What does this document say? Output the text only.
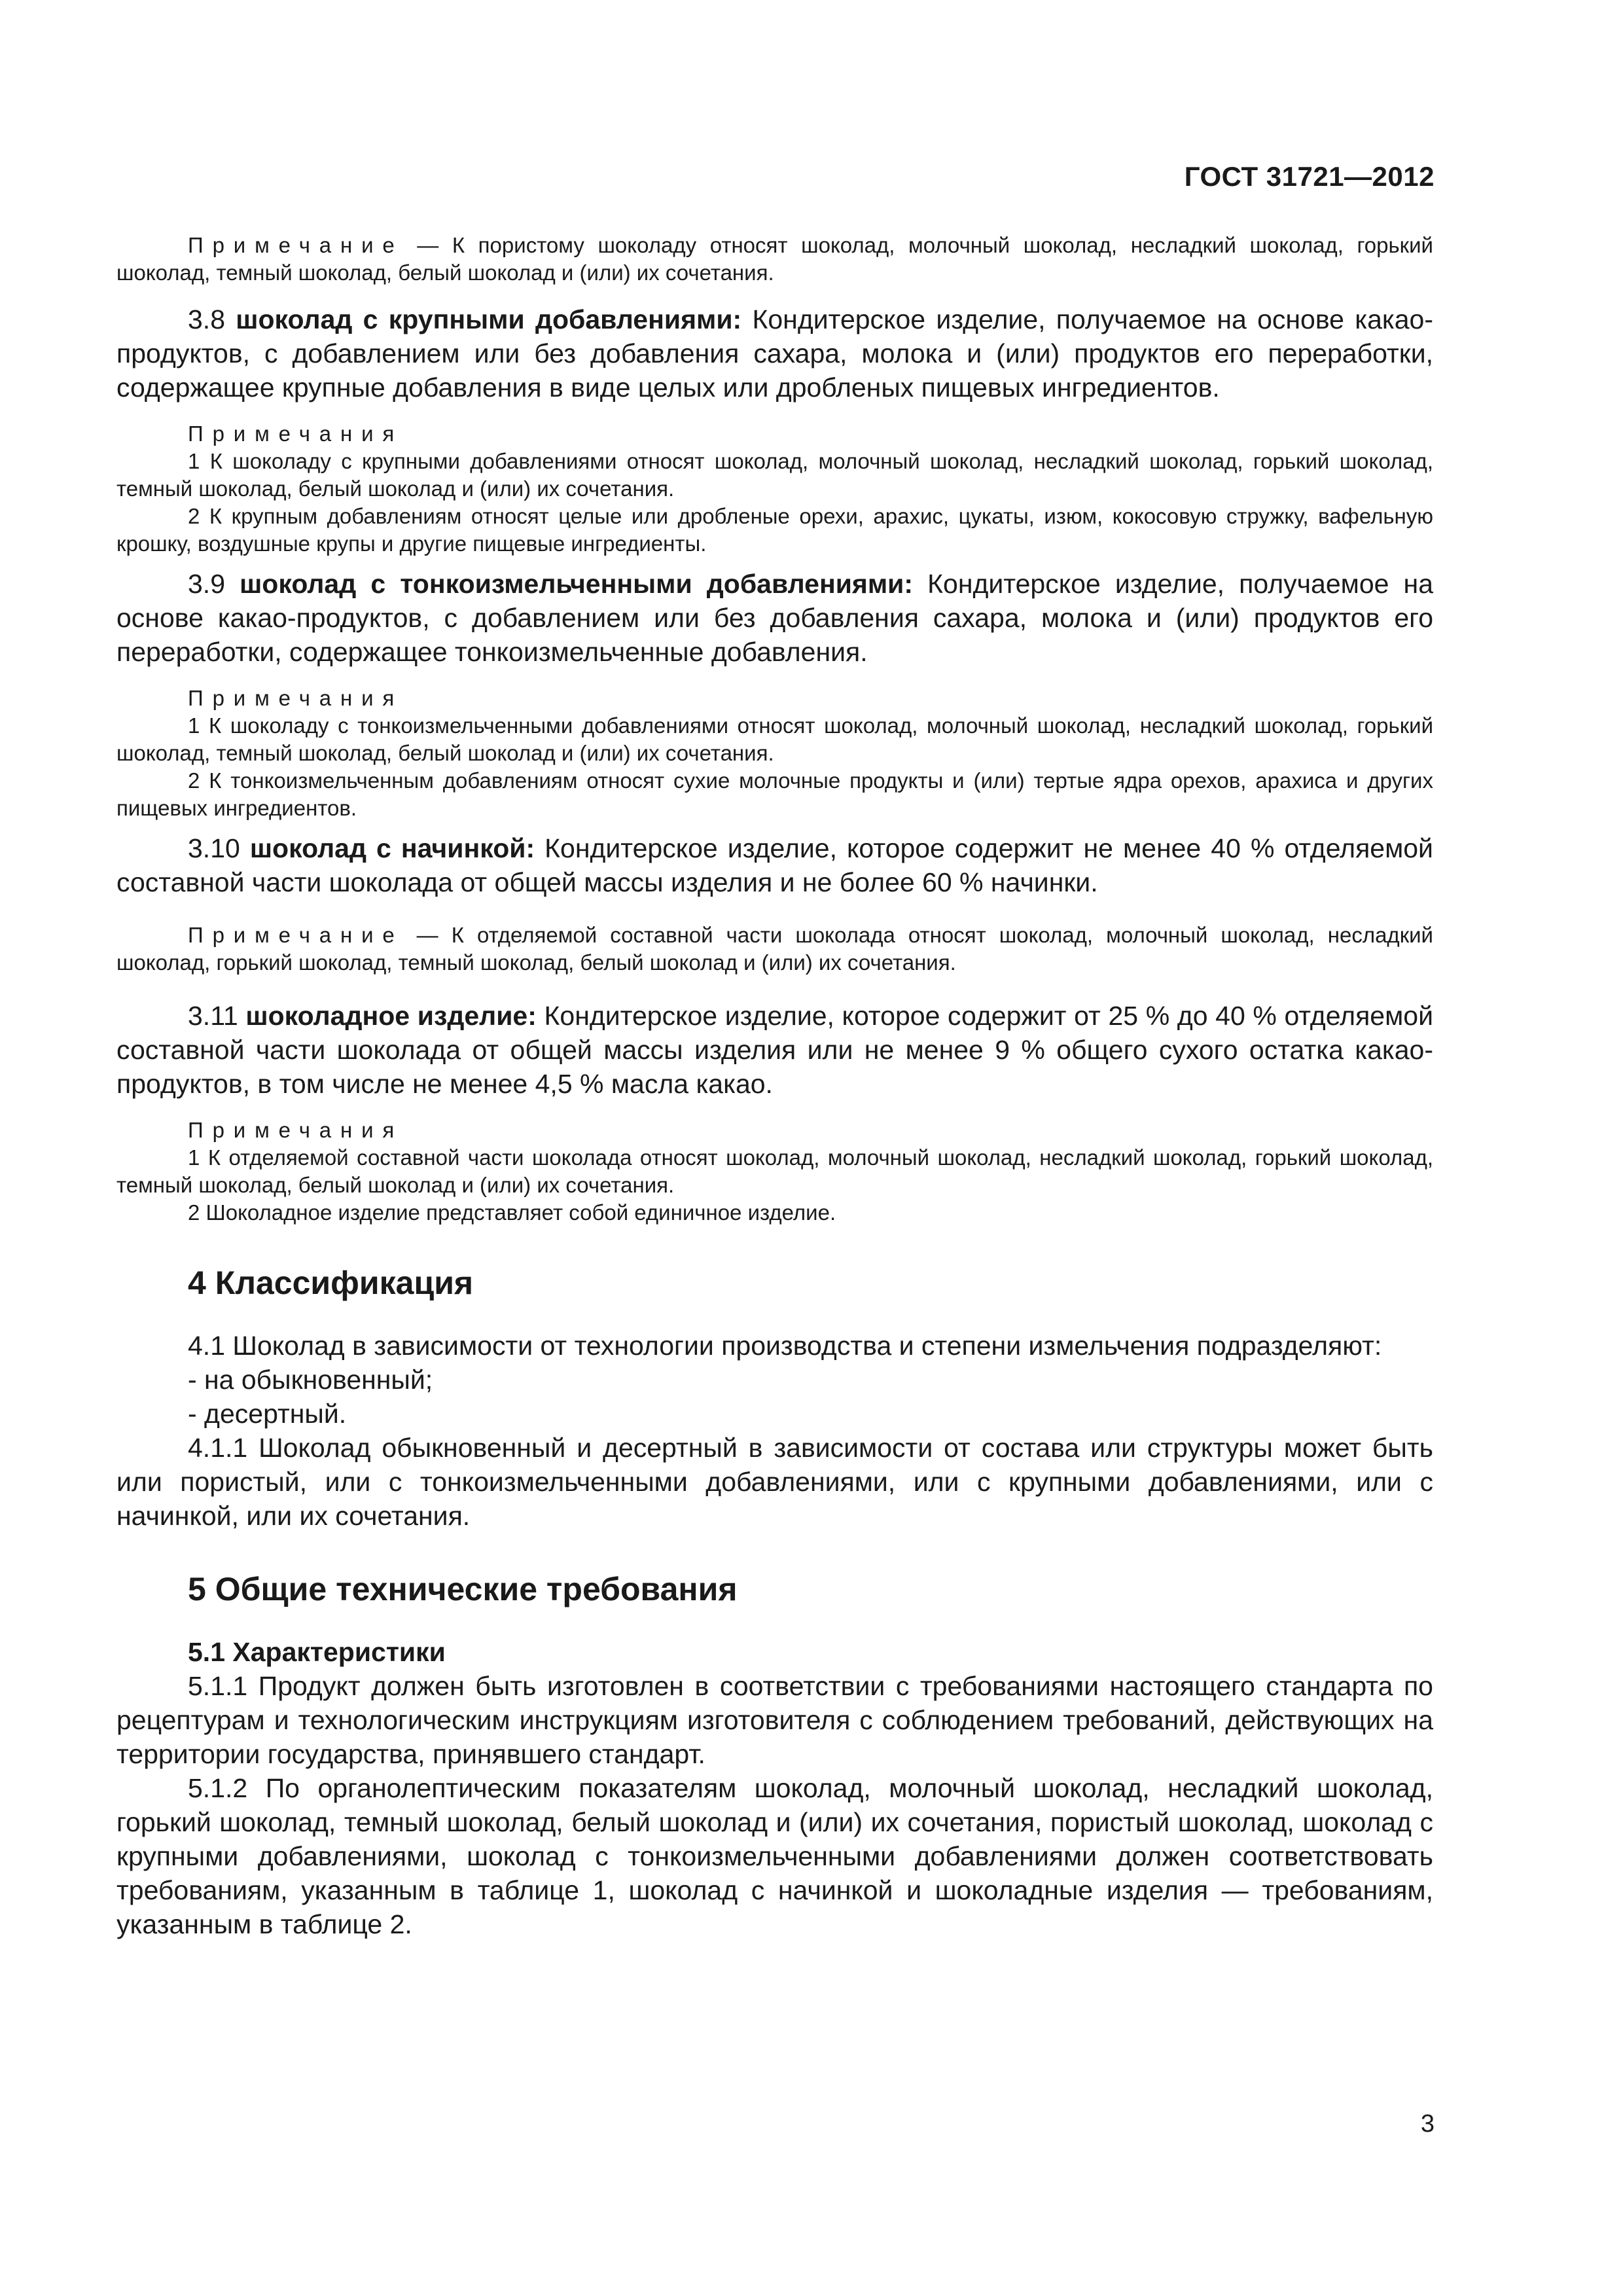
ГОСТ 31721—2012

Примечание — К пористому шоколаду относят шоколад, молочный шоколад, несладкий шоколад, горький шоколад, темный шоколад, белый шоколад и (или) их сочетания.

3.8 шоколад с крупными добавлениями: Кондитерское изделие, получаемое на основе какао-продуктов, с добавлением или без добавления сахара, молока и (или) продуктов его переработки, содержащее крупные добавления в виде целых или дробленых пищевых ингредиентов.

Примечания

1 К шоколаду с крупными добавлениями относят шоколад, молочный шоколад, несладкий шоколад, горький шоколад, темный шоколад, белый шоколад и (или) их сочетания.

2 К крупным добавлениям относят целые или дробленые орехи, арахис, цукаты, изюм, кокосовую стружку, вафельную крошку, воздушные крупы и другие пищевые ингредиенты.

3.9 шоколад с тонкоизмельченными добавлениями: Кондитерское изделие, получаемое на основе какао-продуктов, с добавлением или без добавления сахара, молока и (или) продуктов его переработки, содержащее тонкоизмельченные добавления.

Примечания

1 К шоколаду с тонкоизмельченными добавлениями относят шоколад, молочный шоколад, несладкий шоколад, горький шоколад, темный шоколад, белый шоколад и (или) их сочетания.

2 К тонкоизмельченным добавлениям относят сухие молочные продукты и (или) тертые ядра орехов, арахиса и других пищевых ингредиентов.

3.10 шоколад с начинкой: Кондитерское изделие, которое содержит не менее 40 % отделяемой составной части шоколада от общей массы изделия и не более 60 % начинки.

Примечание — К отделяемой составной части шоколада относят шоколад, молочный шоколад, несладкий шоколад, горький шоколад, темный шоколад, белый шоколад и (или) их сочетания.

3.11 шоколадное изделие: Кондитерское изделие, которое содержит от 25 % до 40 % отделяемой составной части шоколада от общей массы изделия или не менее 9 % общего сухого остатка какао-продуктов, в том числе не менее 4,5 % масла какао.

Примечания

1 К отделяемой составной части шоколада относят шоколад, молочный шоколад, несладкий шоколад, горький шоколад, темный шоколад, белый шоколад и (или) их сочетания.

2 Шоколадное изделие представляет собой единичное изделие.

4 Классификация

4.1 Шоколад в зависимости от технологии производства и степени измельчения подразделяют:

- на обыкновенный;

- десертный.

4.1.1 Шоколад обыкновенный и десертный в зависимости от состава или структуры может быть или пористый, или с тонкоизмельченными добавлениями, или с крупными добавлениями, или с начинкой, или их сочетания.

5 Общие технические требования
5.1 Характеристики

5.1.1 Продукт должен быть изготовлен в соответствии с требованиями настоящего стандарта по рецептурам и технологическим инструкциям изготовителя с соблюдением требований, действующих на территории государства, принявшего стандарт.

5.1.2 По органолептическим показателям шоколад, молочный шоколад, несладкий шоколад, горький шоколад, темный шоколад, белый шоколад и (или) их сочетания, пористый шоколад, шоколад с крупными добавлениями, шоколад с тонкоизмельченными добавлениями должен соответствовать требованиям, указанным в таблице 1, шоколад с начинкой и шоколадные изделия — требованиям, указанным в таблице 2.

3
